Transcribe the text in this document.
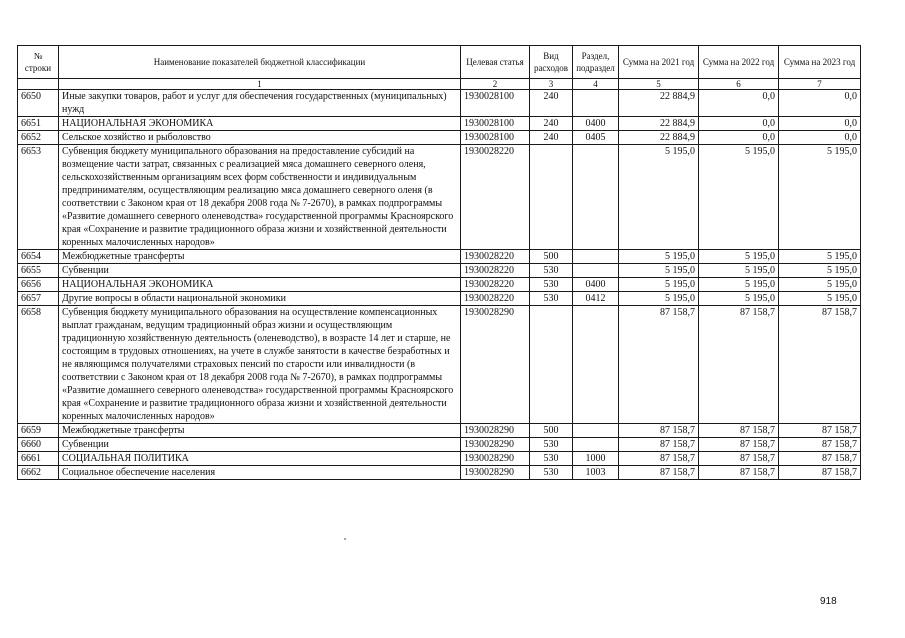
№ строки	Наименование показателей бюджетной классификации	Целевая статья	Вид расходов	Раздел, подраздел	Сумма на 2021 год	Сумма на 2022 год	Сумма на 2023 год
	1	2	3	4	5	6	7
6650	Иные закупки товаров, работ и услуг для обеспечения государственных (муниципальных) нужд	1930028100	240		22 884,9	0,0	0,0
6651	НАЦИОНАЛЬНАЯ ЭКОНОМИКА	1930028100	240	0400	22 884,9	0,0	0,0
6652	Сельское хозяйство и рыболовство	1930028100	240	0405	22 884,9	0,0	0,0
6653	Субвенция бюджету муниципального образования на предоставление субсидий на возмещение части затрат, связанных с реализацией мяса домашнего северного оленя, сельскохозяйственным организациям всех форм собственности и индивидуальным предпринимателям, осуществляющим реализацию мяса домашнего северного оленя (в соответствии с Законом края от 18 декабря 2008 года № 7-2670), в рамках подпрограммы «Развитие домашнего северного оленеводства» государственной программы Красноярского края «Сохранение и развитие традиционного образа жизни и хозяйственной деятельности коренных малочисленных народов»	1930028220			5 195,0	5 195,0	5 195,0
6654	Межбюджетные трансферты	1930028220	500		5 195,0	5 195,0	5 195,0
6655	Субвенции	1930028220	530		5 195,0	5 195,0	5 195,0
6656	НАЦИОНАЛЬНАЯ ЭКОНОМИКА	1930028220	530	0400	5 195,0	5 195,0	5 195,0
6657	Другие вопросы в области национальной экономики	1930028220	530	0412	5 195,0	5 195,0	5 195,0
6658	Субвенция бюджету муниципального образования на осуществление компенсационных выплат гражданам, ведущим традиционный образ жизни и осуществляющим традиционную хозяйственную деятельность (оленеводство), в возрасте 14 лет и старше, не состоящим в трудовых отношениях, на учете в службе занятости в качестве безработных и не являющимся получателями страховых пенсий по старости или инвалидности (в соответствии с Законом края от 18 декабря 2008 года № 7-2670), в рамках подпрограммы «Развитие домашнего северного оленеводства» государственной программы Красноярского края «Сохранение и развитие традиционного образа жизни и хозяйственной деятельности коренных малочисленных народов»	1930028290			87 158,7	87 158,7	87 158,7
6659	Межбюджетные трансферты	1930028290	500		87 158,7	87 158,7	87 158,7
6660	Субвенции	1930028290	530		87 158,7	87 158,7	87 158,7
6661	СОЦИАЛЬНАЯ ПОЛИТИКА	1930028290	530	1000	87 158,7	87 158,7	87 158,7
6662	Социальное обеспечение населения	1930028290	530	1003	87 158,7	87 158,7	87 158,7
918
